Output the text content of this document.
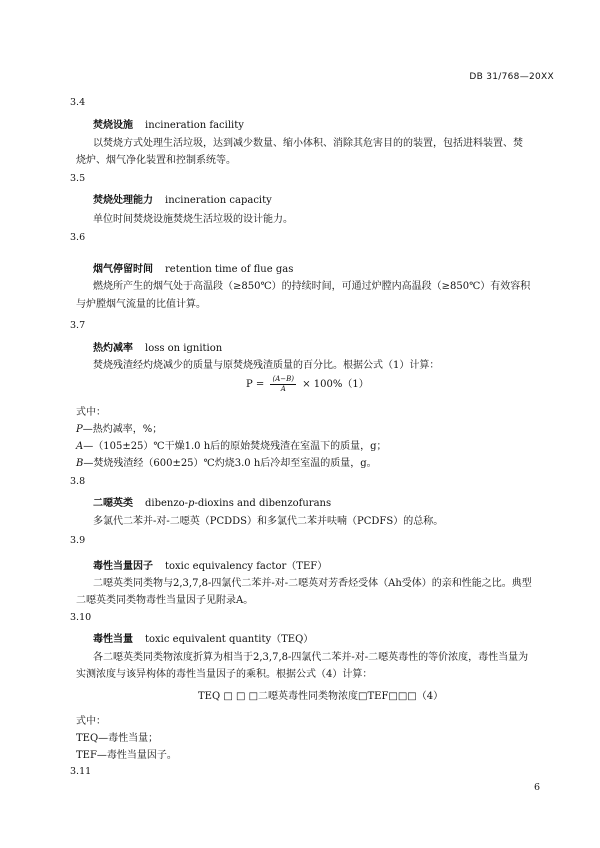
DB 31/768—20XX
3.4
焚烧设施 incineration facility
以焚烧方式处理生活垃圾，达到减少数量、缩小体积、消除其危害目的的装置，包括进料装置、焚
烧炉、烟气净化装置和控制系统等。
3.5
焚烧处理能力 incineration capacity
单位时间焚烧设施焚烧生活垃圾的设计能力。
3.6
烟气停留时间 retention time of flue gas
燃烧所产生的烟气处于高温段（≥850℃）的持续时间，可通过炉膛内高温段（≥850℃）有效容积
与炉膛烟气流量的比值计算。
3.7
热灼减率 loss on ignition
焚烧残渣经灼烧减少的质量与原焚烧残渣质量的百分比。根据公式（1）计算：
$P = \frac{(A-B)}{A} \times 100\%(1)$
式中：
P—热灼减率，%；
A—（105±25）℃干燥1.0 h后的原始焚烧残渣在室温下的质量，g；
B—焚烧残渣经（600±25）℃灼烧3.0 h后冷却至室温的质量，g。
3.8
二噁英类 dibenzo-p-dioxins and dibenzofurans
多氯代二苯并-对-二噁英（PCDDS）和多氯代二苯并呋喃（PCDFS）的总称。
3.9
毒性当量因子 toxic equivalency factor（TEF）
二噁英类同类物与2,3,7,8-四氯代二苯并-对-二噁英对芳香烃受体（Ah受体）的亲和性能之比。典型
二噁英类同类物毒性当量因子见附录A。
3.10
毒性当量 toxic equivalent quantity（TEQ）
各二噁英类同类物浓度折算为相当于2,3,7,8-四氯代二苯并-对-二噁英毒性的等价浓度，毒性当量为
实测浓度与该异构体的毒性当量因子的乘积。根据公式（4）计算：
TEQ □ □ □二噁英毒性同类物浓度□TEF□□□（4）
式中：
TEQ—毒性当量；
TEF—毒性当量因子。
3.11
6
